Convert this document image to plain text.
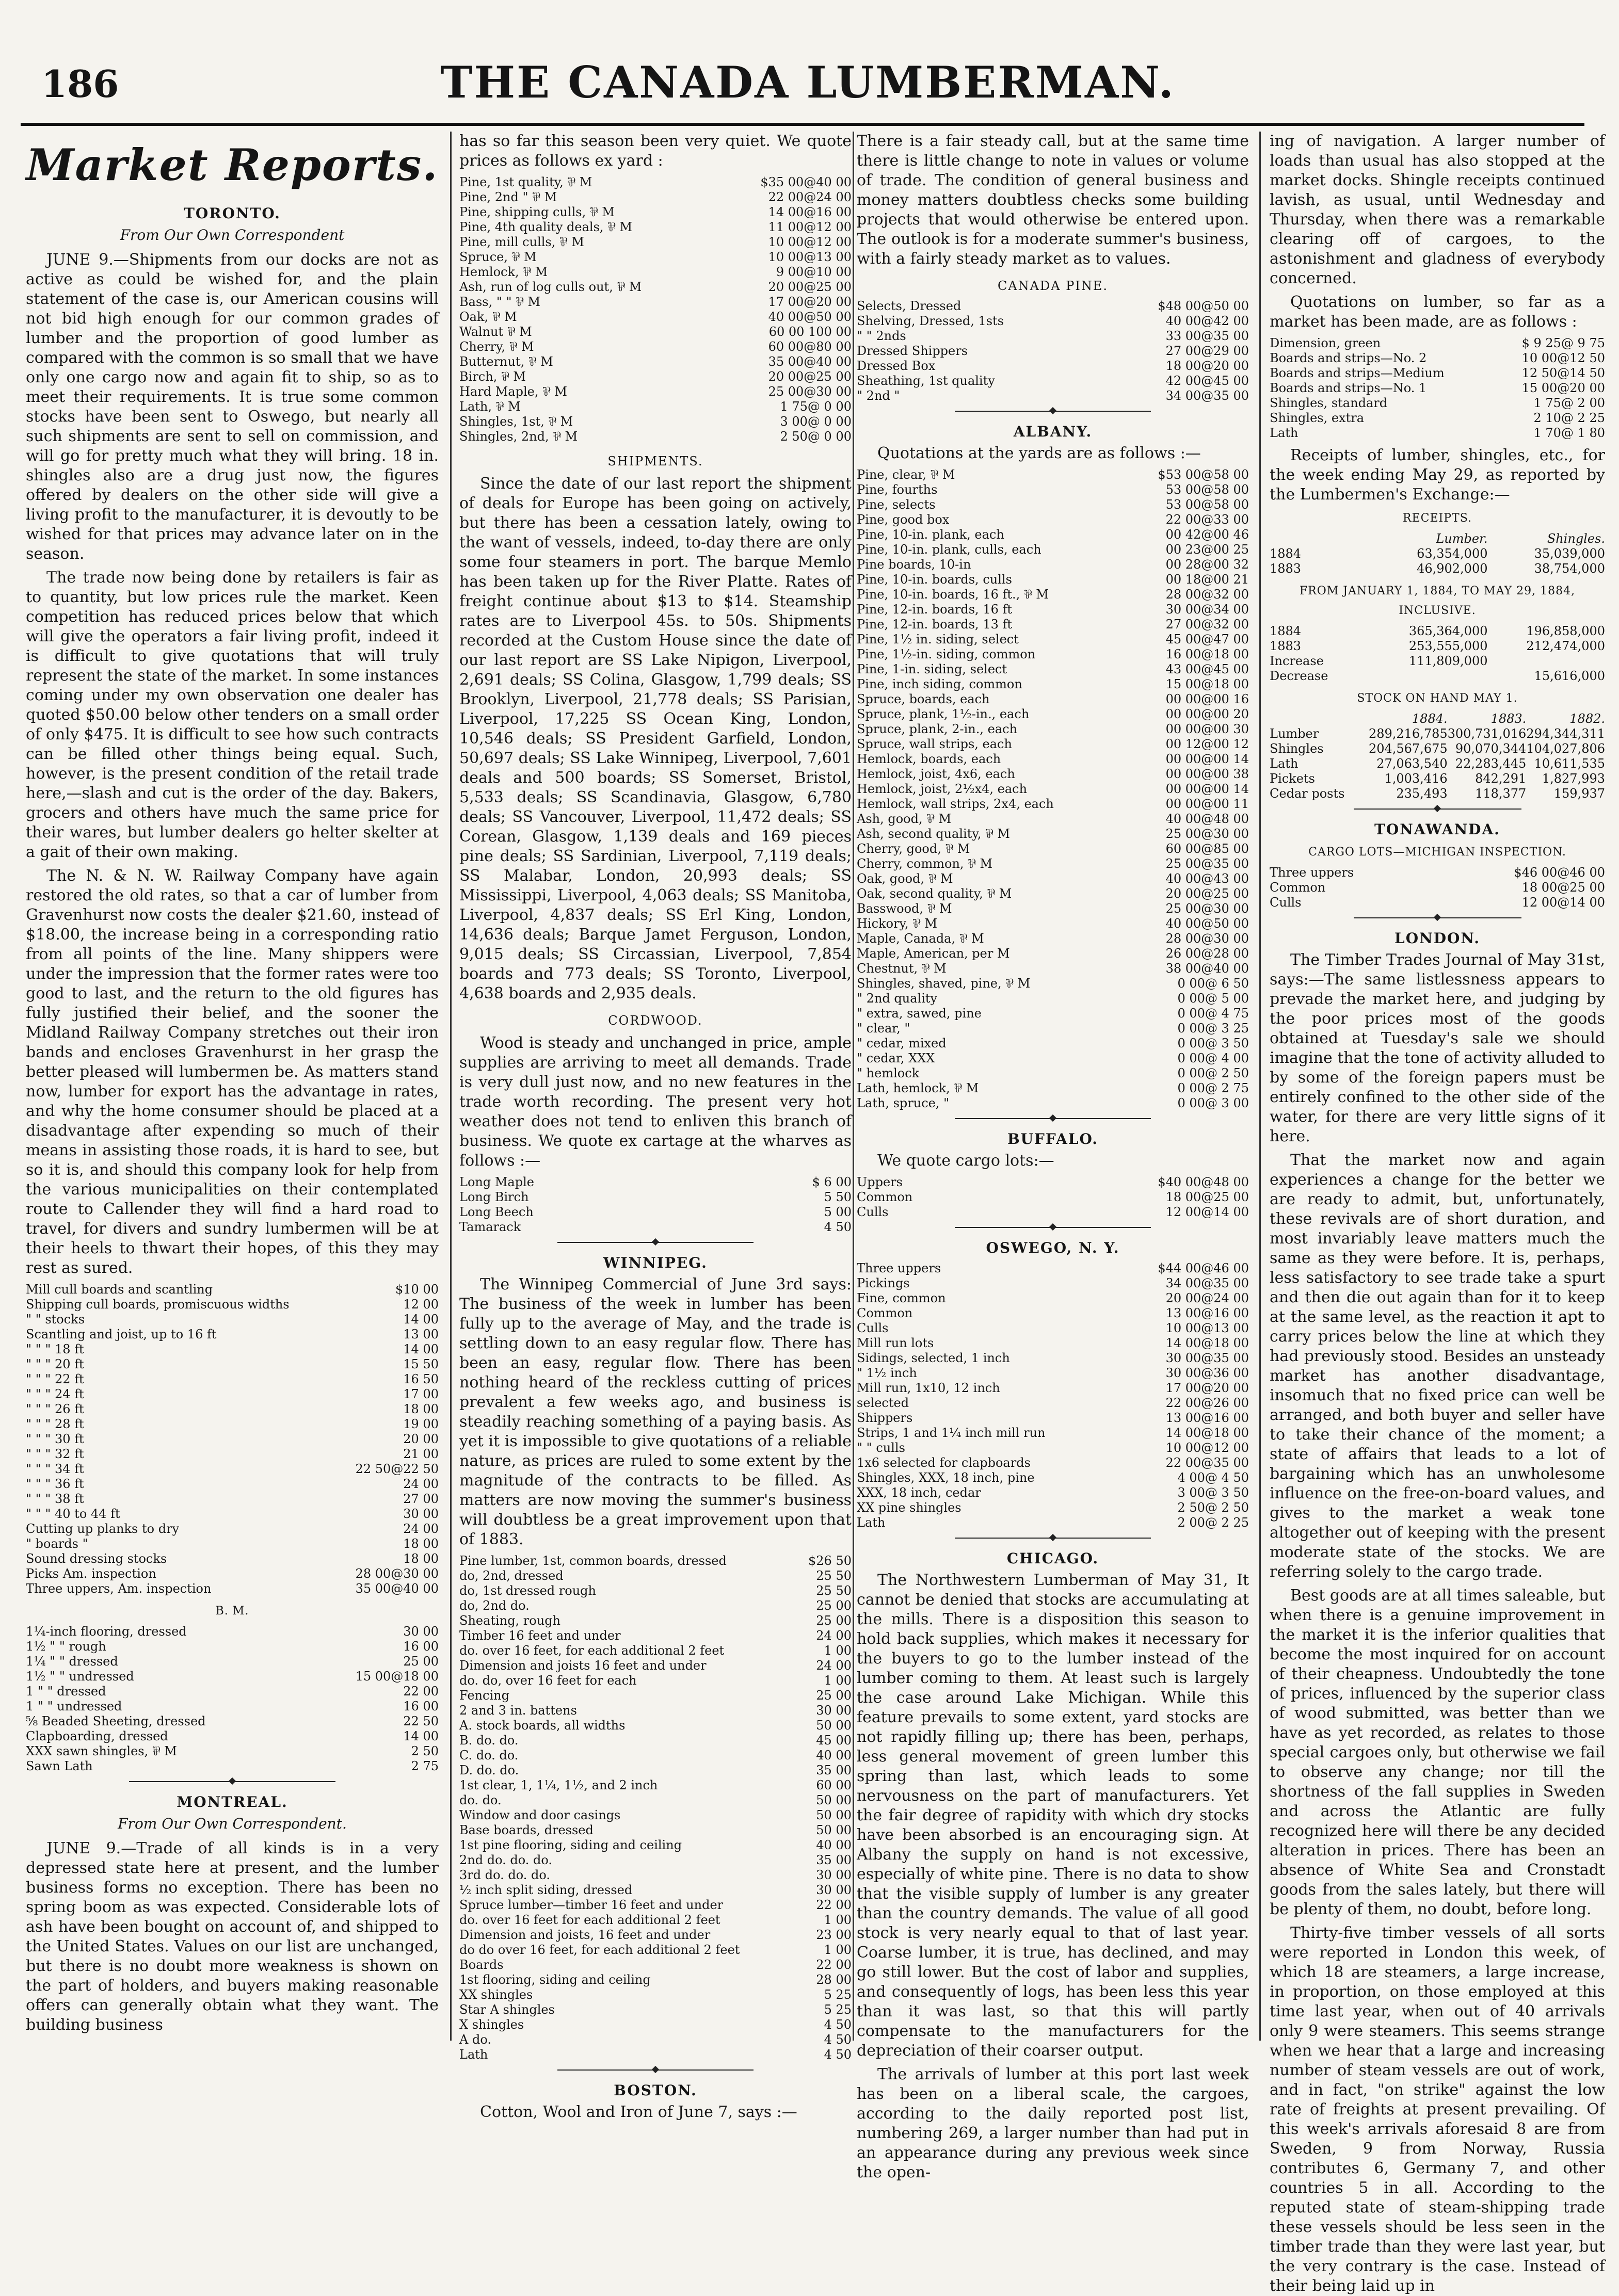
186	THE CANADA LUMBERMAN.
Market Reports.
TORONTO.
From Our Own Correspondent

JUNE 9.—Shipments from our docks are not as active as could be wished for, and the plain statement of the case is, our American cousins will not bid high enough for our common grades of lumber and the proportion of good lumber as compared with the common is so small that we have only one cargo now and again fit to ship, so as to meet their requirements. It is true some common stocks have been sent to Oswego, but nearly all such shipments are sent to sell on commission, and will go for pretty much what they will bring. 18 in. shingles also are a drug just now, the figures offered by dealers on the other side will give a living profit to the manufacturer, it is devoutly to be wished for that prices may advance later on in the season.

The trade now being done by retailers is fair as to quantity, but low prices rule the market. Keen competition has reduced prices below that which will give the operators a fair living profit, indeed it is difficult to give quotations that will truly represent the state of the market. In some instances coming under my own observation one dealer has quoted $50.00 below other tenders on a small order of only $475. It is difficult to see how such contracts can be filled other things being equal. Such, however, is the present condition of the retail trade here,—slash and cut is the order of the day. Bakers, grocers and others have much the same price for their wares, but lumber dealers go helter skelter at a gait of their own making.

The N. & N. W. Railway Company have again restored the old rates, so that a car of lumber from Gravenhurst now costs the dealer $21.60, instead of $18.00, the increase being in a corresponding ratio from all points of the line. Many shippers were under the impression that the former rates were too good to last, and the return to the old figures has fully justified their belief, and the sooner the Midland Railway Company stretches out their iron bands and encloses Gravenhurst in her grasp the better pleased will lumbermen be. As matters stand now, lumber for export has the advantage in rates, and why the home consumer should be placed at a disadvantage after expending so much of their means in assisting those roads, it is hard to see, but so it is, and should this company look for help from the various municipalities on their contemplated route to Callender they will find a hard road to travel, for divers and sundry lumbermen will be at their heels to thwart their hopes, of this they may rest as sured.

Mill cull boards and scantling	$10 00
Shipping cull boards, promiscuous widths	12 00
" " stocks	14 00
Scantling and joist, up to 16 ft	13 00
" " " 18 ft	14 00
" " " 20 ft	15 50
" " " 22 ft	16 50
" " " 24 ft	17 00
" " " 26 ft	18 00
" " " 28 ft	19 00
" " " 30 ft	20 00
" " " 32 ft	21 00
" " " 34 ft	22 50@22 50
" " " 36 ft	24 00
" " " 38 ft	27 00
" " " 40 to 44 ft	30 00
Cutting up planks to dry	24 00
" boards "	18 00
Sound dressing stocks	18 00
Picks Am. inspection	28 00@30 00
Three uppers, Am. inspection	35 00@40 00
B. M.
1¼-inch flooring, dressed	30 00
1½ " " rough	16 00
1¼ " " dressed	25 00
1½ " " undressed	15 00@18 00
1 " " dressed	22 00
1 " " undressed	16 00
⅝ Beaded Sheeting, dressed	22 50
Clapboarding, dressed	14 00
XXX sawn shingles, ⅌ M	2 50
Sawn Lath	2 75
MONTREAL.
From Our Own Correspondent.

JUNE 9.—Trade of all kinds is in a very depressed state here at present, and the lumber business forms no exception. There has been no spring boom as was expected. Considerable lots of ash have been bought on account of, and shipped to the United States. Values on our list are unchanged, but there is no doubt more weakness is shown on the part of holders, and buyers making reasonable offers can generally obtain what they want. The building business

has so far this season been very quiet. We quote prices as follows ex yard :

Pine, 1st quality, ⅌ M	$35 00@40 00
Pine, 2nd " ⅌ M	22 00@24 00
Pine, shipping culls, ⅌ M	14 00@16 00
Pine, 4th quality deals, ⅌ M	11 00@12 00
Pine, mill culls, ⅌ M	10 00@12 00
Spruce, ⅌ M	10 00@13 00
Hemlock, ⅌ M	9 00@10 00
Ash, run of log culls out, ⅌ M	20 00@25 00
Bass, " " ⅌ M	17 00@20 00
Oak, ⅌ M	40 00@50 00
Walnut ⅌ M	60 00 100 00
Cherry, ⅌ M	60 00@80 00
Butternut, ⅌ M	35 00@40 00
Birch, ⅌ M	20 00@25 00
Hard Maple, ⅌ M	25 00@30 00
Lath, ⅌ M	1 75@ 0 00
Shingles, 1st, ⅌ M	3 00@ 0 00
Shingles, 2nd, ⅌ M	2 50@ 0 00
SHIPMENTS.

Since the date of our last report the shipment of deals for Europe has been going on actively, but there has been a cessation lately, owing to the want of vessels, indeed, to-day there are only some four steamers in port. The barque Memlo has been taken up for the River Platte. Rates of freight continue about $13 to $14. Steamship rates are to Liverpool 45s. to 50s. Shipments recorded at the Custom House since the date of our last report are SS Lake Nipigon, Liverpool, 2,691 deals; SS Colina, Glasgow, 1,799 deals; SS Brooklyn, Liverpool, 21,778 deals; SS Parisian, Liverpool, 17,225 SS Ocean King, London, 10,546 deals; SS President Garfield, London, 50,697 deals; SS Lake Winnipeg, Liverpool, 7,601 deals and 500 boards; SS Somerset, Bristol, 5,533 deals; SS Scandinavia, Glasgow, 6,780 deals; SS Vancouver, Liverpool, 11,472 deals; SS Corean, Glasgow, 1,139 deals and 169 pieces pine deals; SS Sardinian, Liverpool, 7,119 deals; SS Malabar, London, 20,993 deals; SS Mississippi, Liverpool, 4,063 deals; SS Manitoba, Liverpool, 4,837 deals; SS Erl King, London, 14,636 deals; Barque Jamet Ferguson, London, 9,015 deals; SS Circassian, Liverpool, 7,854 boards and 773 deals; SS Toronto, Liverpool, 4,638 boards and 2,935 deals.

CORDWOOD.

Wood is steady and unchanged in price, ample supplies are arriving to meet all demands. Trade is very dull just now, and no new features in the trade worth recording. The present very hot weather does not tend to enliven this branch of business. We quote ex cartage at the wharves as follows :—

Long Maple	$ 6 00
Long Birch	5 50
Long Beech	5 00
Tamarack	4 50
WINNIPEG.

The Winnipeg Commercial of June 3rd says: The business of the week in lumber has been fully up to the average of May, and the trade is settling down to an easy regular flow. There has been an easy, regular flow. There has been nothing heard of the reckless cutting of prices prevalent a few weeks ago, and business is steadily reaching something of a paying basis. As yet it is impossible to give quotations of a reliable nature, as prices are ruled to some extent by the magnitude of the contracts to be filled. As matters are now moving the summer's business will doubtless be a great improvement upon that of 1883.

Pine lumber, 1st, common boards, dressed	$26 50
do, 2nd, dressed	25 50
do, 1st dressed rough	25 50
do, 2nd do.	25 00
Sheating, rough	25 00
Timber 16 feet and under	24 00
do. over 16 feet, for each additional 2 feet	1 00
Dimension and joists 16 feet and under	24 00
do. do, over 16 feet for each	1 00
Fencing	25 00
2 and 3 in. battens	30 00
A. stock boards, all widths	50 00
B. do. do.	45 00
C. do. do.	40 00
D. do. do.	35 00
1st clear, 1, 1¼, 1½, and 2 inch	60 00
do. do.	50 00
Window and door casings	50 00
Base boards, dressed	50 00
1st pine flooring, siding and ceiling	40 00
2nd do. do. do.	35 00
3rd do. do. do.	30 00
½ inch split siding, dressed	30 00
Spruce lumber—timber 16 feet and under	22 00
do. over 16 feet for each additional 2 feet	1 00
Dimension and joists, 16 feet and under	23 00
do do over 16 feet, for each additional 2 feet	1 00
Boards	22 00
1st flooring, siding and ceiling	28 00
XX shingles	5 25
Star A shingles	5 25
X shingles	4 50
A do.	4 50
Lath	4 50
BOSTON.

Cotton, Wool and Iron of June 7, says :—

There is a fair steady call, but at the same time there is little change to note in values or volume of trade. The condition of general business and money matters doubtless checks some building projects that would otherwise be entered upon. The outlook is for a moderate summer's business, with a fairly steady market as to values.

CANADA PINE.
Selects, Dressed	$48 00@50 00
Shelving, Dressed, 1sts	40 00@42 00
" " 2nds	33 00@35 00
Dressed Shippers	27 00@29 00
Dressed Box	18 00@20 00
Sheathing, 1st quality	42 00@45 00
" 2nd "	34 00@35 00
ALBANY.

Quotations at the yards are as follows :—

Pine, clear, ⅌ M	$53 00@58 00
Pine, fourths	53 00@58 00
Pine, selects	53 00@58 00
Pine, good box	22 00@33 00
Pine, 10-in. plank, each	00 42@00 46
Pine, 10-in. plank, culls, each	00 23@00 25
Pine boards, 10-in	00 28@00 32
Pine, 10-in. boards, culls	00 18@00 21
Pine, 10-in. boards, 16 ft., ⅌ M	28 00@32 00
Pine, 12-in. boards, 16 ft	30 00@34 00
Pine, 12-in. boards, 13 ft	27 00@32 00
Pine, 1½ in. siding, select	45 00@47 00
Pine, 1½-in. siding, common	16 00@18 00
Pine, 1-in. siding, select	43 00@45 00
Pine, inch siding, common	15 00@18 00
Spruce, boards, each	00 00@00 16
Spruce, plank, 1½-in., each	00 00@00 20
Spruce, plank, 2-in., each	00 00@00 30
Spruce, wall strips, each	00 12@00 12
Hemlock, boards, each	00 00@00 14
Hemlock, joist, 4x6, each	00 00@00 38
Hemlock, joist, 2½x4, each	00 00@00 14
Hemlock, wall strips, 2x4, each	00 00@00 11
Ash, good, ⅌ M	40 00@48 00
Ash, second quality, ⅌ M	25 00@30 00
Cherry, good, ⅌ M	60 00@85 00
Cherry, common, ⅌ M	25 00@35 00
Oak, good, ⅌ M	40 00@43 00
Oak, second quality, ⅌ M	20 00@25 00
Basswood, ⅌ M	25 00@30 00
Hickory, ⅌ M	40 00@50 00
Maple, Canada, ⅌ M	28 00@30 00
Maple, American, per M	26 00@28 00
Chestnut, ⅌ M	38 00@40 00
Shingles, shaved, pine, ⅌ M	0 00@ 6 50
" 2nd quality	0 00@ 5 00
" extra, sawed, pine	0 00@ 4 75
" clear, "	0 00@ 3 25
" cedar, mixed	0 00@ 3 50
" cedar, XXX	0 00@ 4 00
" hemlock	0 00@ 2 50
Lath, hemlock, ⅌ M	0 00@ 2 75
Lath, spruce, "	0 00@ 3 00
BUFFALO.

We quote cargo lots:—

Uppers	$40 00@48 00
Common	18 00@25 00
Culls	12 00@14 00
OSWEGO, N. Y.
Three uppers	$44 00@46 00
Pickings	34 00@35 00
Fine, common	20 00@24 00
Common	13 00@16 00
Culls	10 00@13 00
Mill run lots	14 00@18 00
Sidings, selected, 1 inch	30 00@35 00
" 1½ inch	30 00@36 00
Mill run, 1x10, 12 inch	17 00@20 00
selected	22 00@26 00
Shippers	13 00@16 00
Strips, 1 and 1¼ inch mill run	14 00@18 00
" " culls	10 00@12 00
1x6 selected for clapboards	22 00@35 00
Shingles, XXX, 18 inch, pine	4 00@ 4 50
XXX, 18 inch, cedar	3 00@ 3 50
XX pine shingles	2 50@ 2 50
Lath	2 00@ 2 25
CHICAGO.

The Northwestern Lumberman of May 31, It cannot be denied that stocks are accumulating at the mills. There is a disposition this season to hold back supplies, which makes it necessary for the buyers to go to the lumber instead of the lumber coming to them. At least such is largely the case around Lake Michigan. While this feature prevails to some extent, yard stocks are not rapidly filling up; there has been, perhaps, less general movement of green lumber this spring than last, which leads to some nervousness on the part of manufacturers. Yet the fair degree of rapidity with which dry stocks have been absorbed is an encouraging sign. At Albany the supply on hand is not excessive, especially of white pine. There is no data to show that the visible supply of lumber is any greater than the country demands. The value of all good stock is very nearly equal to that of last year. Coarse lumber, it is true, has declined, and may go still lower. But the cost of labor and supplies, and consequently of logs, has been less this year than it was last, so that this will partly compensate to the manufacturers for the depreciation of their coarser output.

The arrivals of lumber at this port last week has been on a liberal scale, the cargoes, according to the daily reported post list, numbering 269, a larger number than had put in an appearance during any previous week since the open-

ing of navigation. A larger number of loads than usual has also stopped at the market docks. Shingle receipts continued lavish, as usual, until Wednesday and Thursday, when there was a remarkable clearing off of cargoes, to the astonishment and gladness of everybody concerned.

Quotations on lumber, so far as a market has been made, are as follows :

Dimension, green	$ 9 25@ 9 75
Boards and strips—No. 2	10 00@12 50
Boards and strips—Medium	12 50@14 50
Boards and strips—No. 1	15 00@20 00
Shingles, standard	1 75@ 2 00
Shingles, extra	2 10@ 2 25
Lath	1 70@ 1 80

Receipts of lumber, shingles, etc., for the week ending May 29, as reported by the Lumbermen's Exchange:—

RECEIPTS.
	Lumber.	Shingles.
1884	63,354,000	35,039,000
1883	46,902,000	38,754,000
FROM JANUARY 1, 1884, TO MAY 29, 1884, INCLUSIVE.
1884	365,364,000	196,858,000
1883	253,555,000	212,474,000
Increase	111,809,000	
Decrease		15,616,000
STOCK ON HAND MAY 1.
	1884.	1883.	1882.
Lumber	289,216,785	300,731,016	294,344,311
Shingles	204,567,675	90,070,344	104,027,806
Lath	27,063,540	22,283,445	10,611,535
Pickets	1,003,416	842,291	1,827,993
Cedar posts	235,493	118,377	159,937
TONAWANDA.
CARGO LOTS—MICHIGAN INSPECTION.
Three uppers	$46 00@46 00
Common	18 00@25 00
Culls	12 00@14 00
LONDON.

The Timber Trades Journal of May 31st, says:—The same listlessness appears to prevade the market here, and judging by the poor prices most of the goods obtained at Tuesday's sale we should imagine that the tone of activity alluded to by some of the foreign papers must be entirely confined to the other side of the water, for there are very little signs of it here.

That the market now and again experiences a change for the better we are ready to admit, but, unfortunately, these revivals are of short duration, and most invariably leave matters much the same as they were before. It is, perhaps, less satisfactory to see trade take a spurt and then die out again than for it to keep at the same level, as the reaction it apt to carry prices below the line at which they had previously stood. Besides an unsteady market has another disadvantage, insomuch that no fixed price can well be arranged, and both buyer and seller have to take their chance of the moment; a state of affairs that leads to a lot of bargaining which has an unwholesome influence on the free-on-board values, and gives to the market a weak tone altogether out of keeping with the present moderate state of the stocks. We are referring solely to the cargo trade.

Best goods are at all times saleable, but when there is a genuine improvement in the market it is the inferior qualities that become the most inquired for on account of their cheapness. Undoubtedly the tone of prices, influenced by the superior class of wood submitted, was better than we have as yet recorded, as relates to those special cargoes only, but otherwise we fail to observe any change; nor till the shortness of the fall supplies in Sweden and across the Atlantic are fully recognized here will there be any decided alteration in prices. There has been an absence of White Sea and Cronstadt goods from the sales lately, but there will be plenty of them, no doubt, before long.

Thirty-five timber vessels of all sorts were reported in London this week, of which 18 are steamers, a large increase, in proportion, on those employed at this time last year, when out of 40 arrivals only 9 were steamers. This seems strange when we hear that a large and increasing number of steam vessels are out of work, and in fact, "on strike" against the low rate of freights at present prevailing. Of this week's arrivals aforesaid 8 are from Sweden, 9 from Norway, Russia contributes 6, Germany 7, and other countries 5 in all. According to the reputed state of steam-shipping trade these vessels should be less seen in the timber trade than they were last year, but the very contrary is the case. Instead of their being laid up in
